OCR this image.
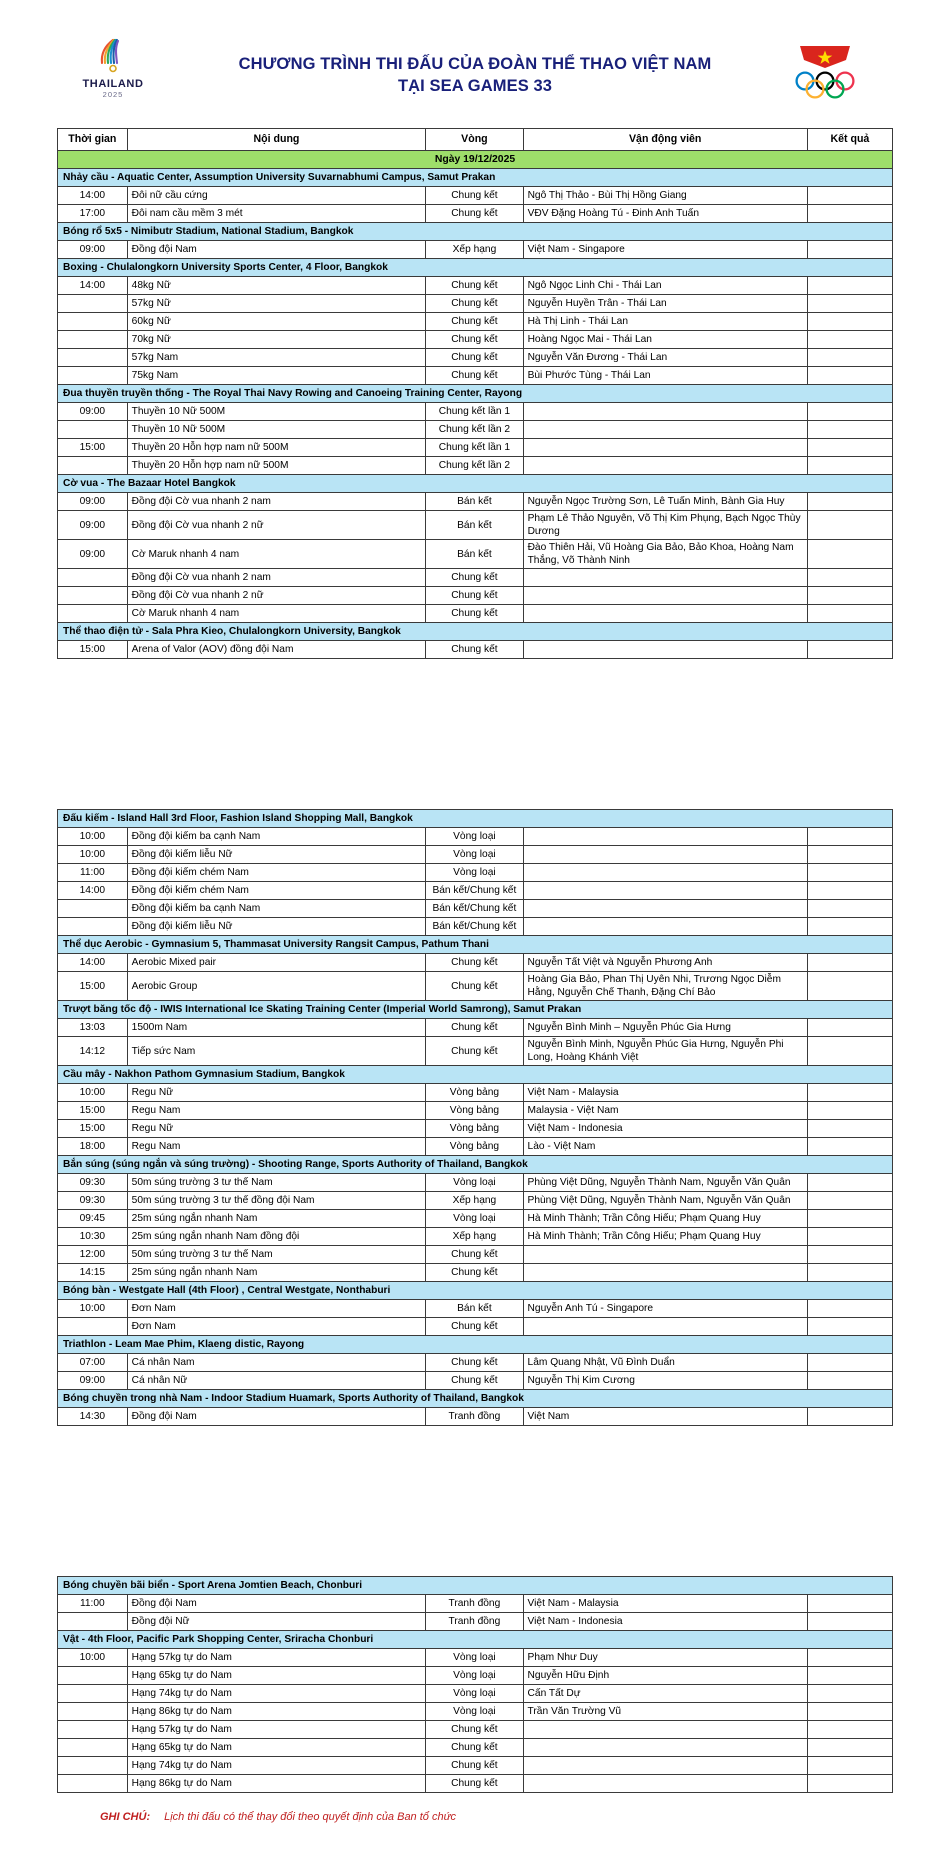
THAILAND
2025
CHƯƠNG TRÌNH THI ĐẤU CỦA ĐOÀN THỂ THAO VIỆT NAM
TẠI SEA GAMES 33
Thời gian	Nội dung	Vòng	Vận động viên	Kết quả
Ngày 19/12/2025				
Nhảy cầu - Aquatic Center, Assumption University Suvarnabhumi Campus, Samut Prakan				
14:00	Đôi nữ cầu cứng	Chung kết	Ngô Thị Thảo - Bùi Thị Hồng Giang	
17:00	Đôi nam cầu mềm 3 mét	Chung kết	VĐV Đặng Hoàng Tú - Đinh Anh Tuấn	
Bóng rổ 5x5 - Nimibutr Stadium, National Stadium, Bangkok				
09:00	Đồng đội Nam	Xếp hạng	Việt Nam - Singapore	
Boxing - Chulalongkorn University Sports Center, 4 Floor, Bangkok				
14:00	48kg Nữ	Chung kết	Ngô Ngọc Linh Chi - Thái Lan	
	57kg Nữ	Chung kết	Nguyễn Huyền Trân - Thái Lan	
	60kg Nữ	Chung kết	Hà Thị Linh - Thái Lan	
	70kg Nữ	Chung kết	Hoàng Ngọc Mai - Thái Lan	
	57kg Nam	Chung kết	Nguyễn Văn Đương - Thái Lan	
	75kg Nam	Chung kết	Bùi Phước Tùng - Thái Lan	
Đua thuyền truyền thống - The Royal Thai Navy Rowing and Canoeing Training Center, Rayong				
09:00	Thuyền 10 Nữ 500M	Chung kết lần 1		
	Thuyền 10 Nữ 500M	Chung kết lần 2		
15:00	Thuyền 20 Hỗn hợp nam nữ 500M	Chung kết lần 1		
	Thuyền 20 Hỗn hợp nam nữ 500M	Chung kết lần 2		
Cờ vua - The Bazaar Hotel Bangkok				
09:00	Đồng đội Cờ vua nhanh 2 nam	Bán kết	Nguyễn Ngọc Trường Sơn, Lê Tuấn Minh, Bành Gia Huy	
09:00	Đồng đội Cờ vua nhanh 2 nữ	Bán kết	Phạm Lê Thảo Nguyên, Võ Thị Kim Phụng, Bạch Ngọc Thùy Dương	
09:00	Cờ Maruk nhanh 4 nam	Bán kết	Đào Thiên Hải, Vũ Hoàng Gia Bảo, Bảo Khoa, Hoàng Nam Thắng, Võ Thành Ninh	
	Đồng đội Cờ vua nhanh 2 nam	Chung kết		
	Đồng đội Cờ vua nhanh 2 nữ	Chung kết		
	Cờ Maruk nhanh 4 nam	Chung kết		
Thể thao điện tử - Sala Phra Kieo, Chulalongkorn University, Bangkok				
15:00	Arena of Valor (AOV) đồng đội Nam	Chung kết		
Đấu kiếm - Island Hall 3rd Floor, Fashion Island Shopping Mall, Bangkok				
10:00	Đồng đội kiếm ba cạnh Nam	Vòng loại		
10:00	Đồng đội kiếm liễu Nữ	Vòng loại		
11:00	Đồng đội kiếm chém Nam	Vòng loại		
14:00	Đồng đội kiếm chém Nam	Bán kết/Chung kết		
	Đồng đội kiếm ba cạnh Nam	Bán kết/Chung kết		
	Đồng đội kiếm liễu Nữ	Bán kết/Chung kết		
Thể dục Aerobic - Gymnasium 5, Thammasat University Rangsit Campus, Pathum Thani				
14:00	Aerobic Mixed pair	Chung kết	Nguyễn Tất Việt và Nguyễn Phương Anh	
15:00	Aerobic Group	Chung kết	Hoàng Gia Bảo, Phan Thị Uyên Nhi, Trương Ngọc Diễm Hằng, Nguyễn Chế Thanh, Đặng Chí Bảo	
Trượt băng tốc độ - IWIS International Ice Skating Training Center (Imperial World Samrong), Samut Prakan				
13:03	1500m Nam	Chung kết	Nguyễn Bình Minh – Nguyễn Phúc Gia Hưng	
14:12	Tiếp sức Nam	Chung kết	Nguyễn Bình Minh, Nguyễn Phúc Gia Hưng, Nguyễn Phi Long, Hoàng Khánh Việt	
Cầu mây - Nakhon Pathom Gymnasium Stadium, Bangkok				
10:00	Regu Nữ	Vòng bảng	Việt Nam - Malaysia	
15:00	Regu Nam	Vòng bảng	Malaysia - Việt Nam	
15:00	Regu Nữ	Vòng bảng	Việt Nam - Indonesia	
18:00	Regu Nam	Vòng bảng	Lào - Việt Nam	
Bắn súng (súng ngắn và súng trường) - Shooting Range, Sports Authority of Thailand, Bangkok				
09:30	50m súng trường 3 tư thế Nam	Vòng loại	Phùng Việt Dũng, Nguyễn Thành Nam, Nguyễn Văn Quân	
09:30	50m súng trường 3 tư thế đồng đội Nam	Xếp hạng	Phùng Việt Dũng, Nguyễn Thành Nam, Nguyễn Văn Quân	
09:45	25m súng ngắn nhanh Nam	Vòng loại	Hà Minh Thành; Trần Công Hiếu; Phạm Quang Huy	
10:30	25m súng ngắn nhanh Nam đồng đội	Xếp hạng	Hà Minh Thành; Trần Công Hiếu; Phạm Quang Huy	
12:00	50m súng trường 3 tư thế Nam	Chung kết		
14:15	25m súng ngắn nhanh Nam	Chung kết		
Bóng bàn - Westgate Hall (4th Floor) , Central Westgate, Nonthaburi				
10:00	Đơn Nam	Bán kết	Nguyễn Anh Tú - Singapore	
	Đơn Nam	Chung kết		
Triathlon - Leam Mae Phim, Klaeng distic, Rayong				
07:00	Cá nhân Nam	Chung kết	Lâm Quang Nhật, Vũ Đình Duẩn	
09:00	Cá nhân Nữ	Chung kết	Nguyễn Thị Kim Cương	
Bóng chuyền trong nhà Nam - Indoor Stadium Huamark, Sports Authority of Thailand, Bangkok				
14:30	Đồng đội Nam	Tranh đồng	Việt Nam	
Bóng chuyền bãi biển - Sport Arena Jomtien Beach, Chonburi				
11:00	Đồng đội Nam	Tranh đồng	Việt Nam - Malaysia	
	Đồng đội Nữ	Tranh đồng	Việt Nam - Indonesia	
Vật - 4th Floor, Pacific Park Shopping Center, Sriracha Chonburi				
10:00	Hạng 57kg tự do Nam	Vòng loại	Phạm Như Duy	
	Hạng 65kg tự do Nam	Vòng loại	Nguyễn Hữu Định	
	Hạng 74kg tự do Nam	Vòng loại	Cấn Tất Dự	
	Hạng 86kg tự do Nam	Vòng loại	Trần Văn Trường Vũ	
	Hạng 57kg tự do Nam	Chung kết		
	Hạng 65kg tự do Nam	Chung kết		
	Hạng 74kg tự do Nam	Chung kết		
	Hạng 86kg tự do Nam	Chung kết		
GHI CHÚ: Lịch thi đấu có thể thay đổi theo quyết định của Ban tổ chức
